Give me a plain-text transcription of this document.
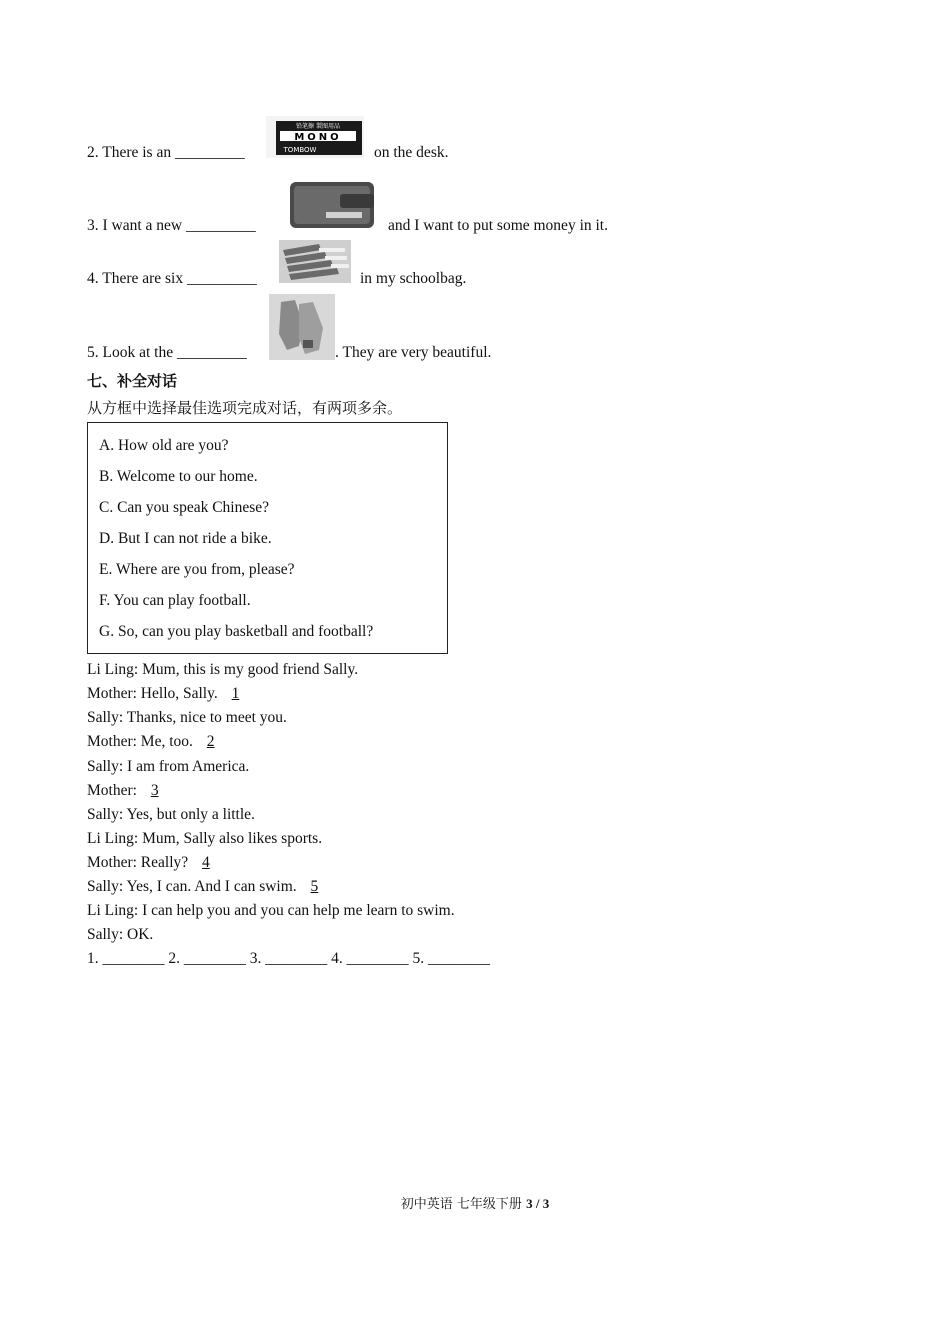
2. There is an _________	on the desk.
铅笔擦 製图用品
MONO
TOMBOW
3. I want a new _________	and I want to put some money in it.
4. There are six _________	in my schoolbag.
5. Look at the _________	. They are very beautiful.
七、补全对话
从方框中选择最佳选项完成对话，有两项多余。
A. How old are you?
B. Welcome to our home.
C. Can you speak Chinese?
D. But I can not ride a bike.
E. Where are you from, please?
F. You can play football.
G. So, can you play basketball and football?
Li Ling: Mum, this is my good friend Sally.
Mother: Hello, Sally. 1
Sally: Thanks, nice to meet you.
Mother: Me, too. 2
Sally: I am from America.
Mother: 3
Sally: Yes, but only a little.
Li Ling: Mum, Sally also likes sports.
Mother: Really? 4
Sally: Yes, I can. And I can swim. 5
Li Ling: I can help you and you can help me learn to swim.
Sally: OK.
1. ________ 2. ________ 3. ________ 4. ________ 5. ________
初中英语 七年级下册 3 / 3
